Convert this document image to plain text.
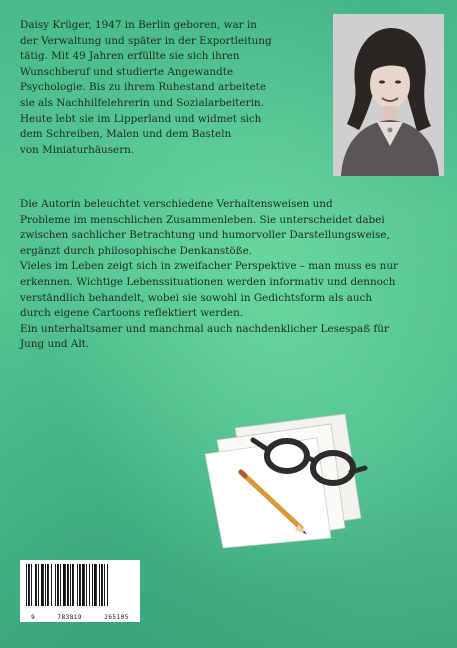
Daisy Krüger, 1947 in Berlin geboren, war in
der Verwaltung und später in der Exportleitung
tätig. Mit 49 Jahren erfüllte sie sich ihren
Wunschberuf und studierte Angewandte
Psychologie. Bis zu ihrem Ruhestand arbeitete
sie als Nachhilfelehrerin und Sozialarbeiterin.
Heute lebt sie im Lipperland und widmet sich
dem Schreiben, Malen und dem Basteln
von Miniaturhäusern.

Die Autorin beleuchtet verschiedene Verhaltensweisen und
Probleme im menschlichen Zusammenleben. Sie unterscheidet dabei
zwischen sachlicher Betrachtung und humorvoller Darstellungsweise,
ergänzt durch philosophische Denkanstöße.
Vieles im Leben zeigt sich in zweifacher Perspektive – man muss es nur
erkennen. Wichtige Lebenssituationen werden informativ und dennoch
verständlich behandelt, wobei sie sowohl in Gedichtsform als auch
durch eigene Cartoons reflektiert werden.
Ein unterhaltsamer und manchmal auch nachdenklicher Lesespaß für
Jung und Alt.

9	783819	265105
